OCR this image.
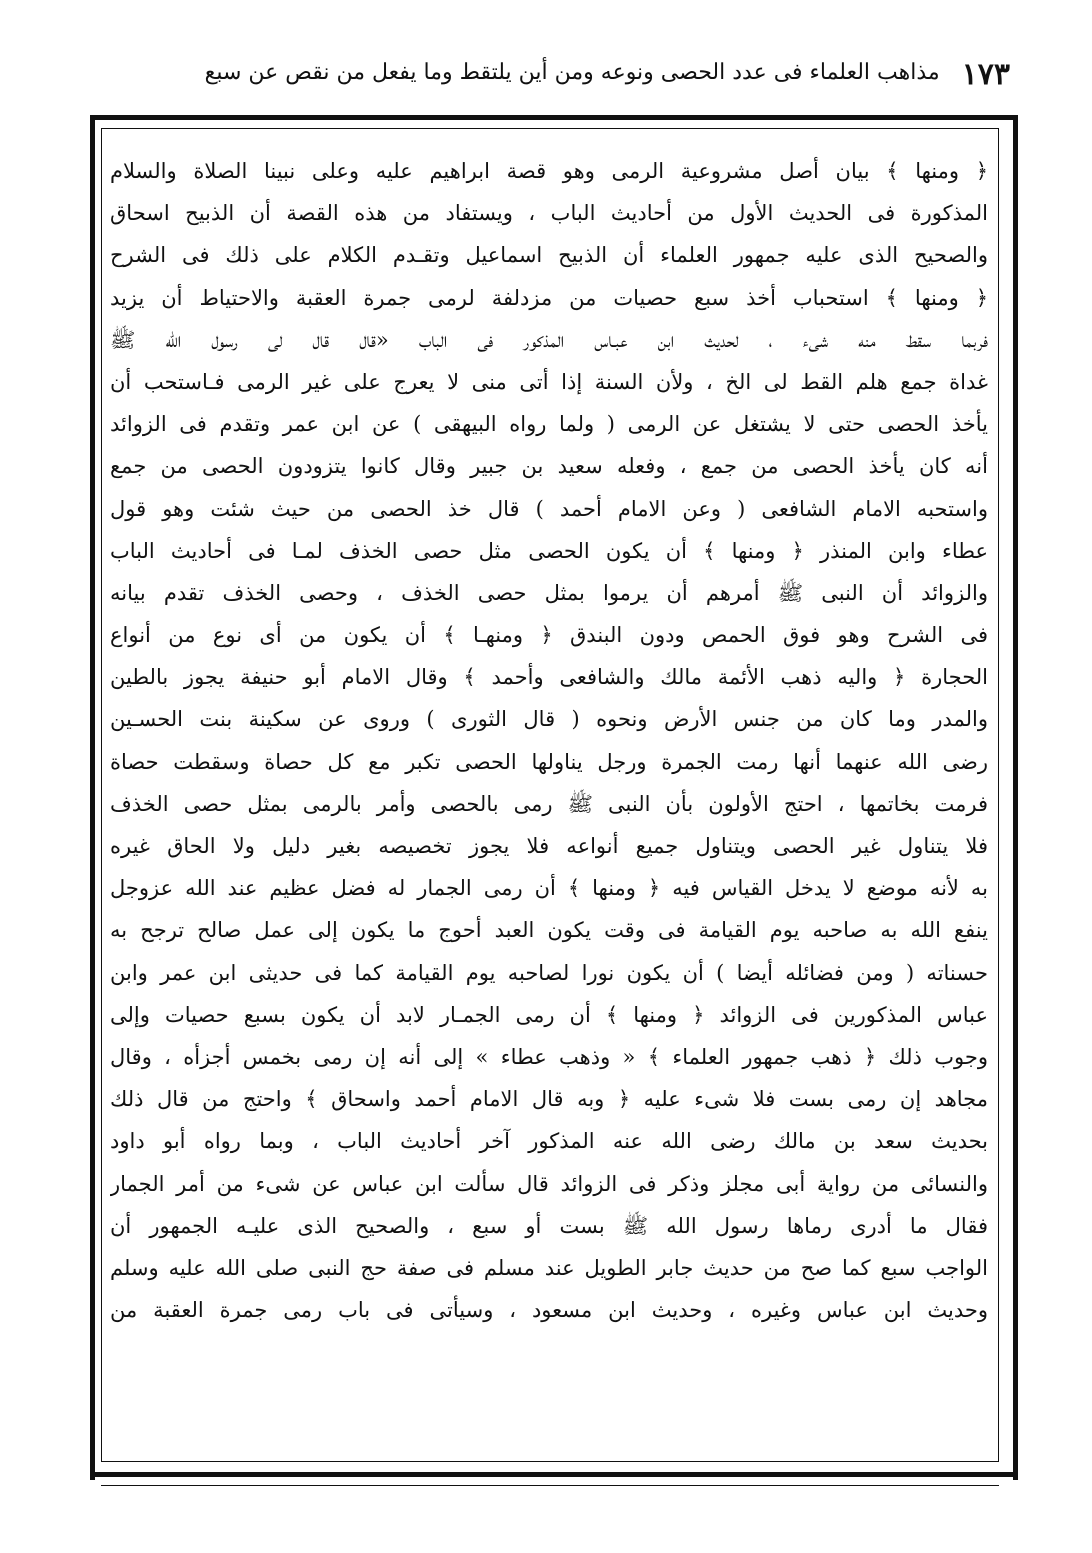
١٧٣
مذاهب العلماء فى عدد الحصى ونوعه ومن أين يلتقط وما يفعل من نقص عن سبع
﴿ ومنها ﴾ بيان أصل مشروعية الرمى وهو قصة ابراهيم عليه وعلى نبينا الصلاة والسلام
المذكورة فى الحديث الأول من أحاديث الباب ، ويستفاد من هذه القصة أن الذبيح اسحاق
والصحيح الذى عليه جمهور العلماء أن الذبيح اسماعيل وتقـدم الكلام على ذلك فى الشرح
﴿ ومنها ﴾ استحباب أخذ سبع حصيات من مزدلفة لرمى جمرة العقبة والاحتياط أن يزيد
فربما سقط منه شىء ، لحديث ابن عبـاس المذكور فى الباب «قال قال لى رسول الله ﷺ
غداة جمع هلم القط لى الخ ، ولأن السنة إذا أتى منى لا يعرج على غير الرمى فـاستحب أن
يأخذ الحصى حتى لا يشتغل عن الرمى ( ولما رواه البيهقى ) عن ابن عمر وتقدم فى الزوائد
أنه كان يأخذ الحصى من جمع ، وفعله سعيد بن جبير وقال كانوا يتزودون الحصى من جمع
واستحبه الامام الشافعى ( وعن الامام أحمد ) قال خذ الحصى من حيث شئت وهو قول
عطاء وابن المنذر ﴿ ومنها ﴾ أن يكون الحصى مثل حصى الخذف لمـا فى أحاديث الباب
والزوائد أن النبى ﷺ أمرهم أن يرموا بمثل حصى الخذف ، وحصى الخذف تقدم بيانه
فى الشرح وهو فوق الحمص ودون البندق ﴿ ومنهـا ﴾ أن يكون من أى نوع من أنواع
الحجارة ﴿ واليه ذهب الأئمة مالك والشافعى وأحمد ﴾ وقال الامام أبو حنيفة يجوز بالطين
والمدر وما كان من جنس الأرض ونحوه ( قال الثورى ) وروى عن سكينة بنت الحسـين
رضى الله عنهما أنها رمت الجمرة ورجل يناولها الحصى تكبر مع كل حصاة وسقطت حصاة
فرمت بخاتمها ، احتج الأولون بأن النبى ﷺ رمى بالحصى وأمر بالرمى بمثل حصى الخذف
فلا يتناول غير الحصى ويتناول جميع أنواعه فلا يجوز تخصيصه بغير دليل ولا الحاق غيره
به لأنه موضع لا يدخل القياس فيه ﴿ ومنها ﴾ أن رمى الجمار له فضل عظيم عند الله عزوجل
ينفع الله به صاحبه يوم القيامة فى وقت يكون العبد أحوج ما يكون إلى عمل صالح ترجح به
حسناته ( ومن فضائله أيضا ) أن يكون نورا لصاحبه يوم القيامة كما فى حديثى ابن عمر وابن
عباس المذكورين فى الزوائد ﴿ ومنها ﴾ أن رمى الجمـار لابد أن يكون بسبع حصيات وإلى
وجوب ذلك ﴿ ذهب جمهور العلماء ﴾ « وذهب عطاء » إلى أنه إن رمى بخمس أجزأه ، وقال
مجاهد إن رمى بست فلا شىء عليه ﴿ وبه قال الامام أحمد واسحاق ﴾ واحتج من قال ذلك
بحديث سعد بن مالك رضى الله عنه المذكور آخر أحاديث الباب ، وبما رواه أبو داود
والنسائى من رواية أبى مجلز وذكر فى الزوائد قال سألت ابن عباس عن شىء من أمر الجمار
فقال ما أدرى رماها رسول الله ﷺ بست أو سبع ، والصحيح الذى عليـه الجمهور أن
الواجب سبع كما صح من حديث جابر الطويل عند مسلم فى صفة حج النبى صلى الله عليه وسلم
وحديث ابن عباس وغيره ، وحديث ابن مسعود ، وسيأتى فى باب رمى جمرة العقبة من
